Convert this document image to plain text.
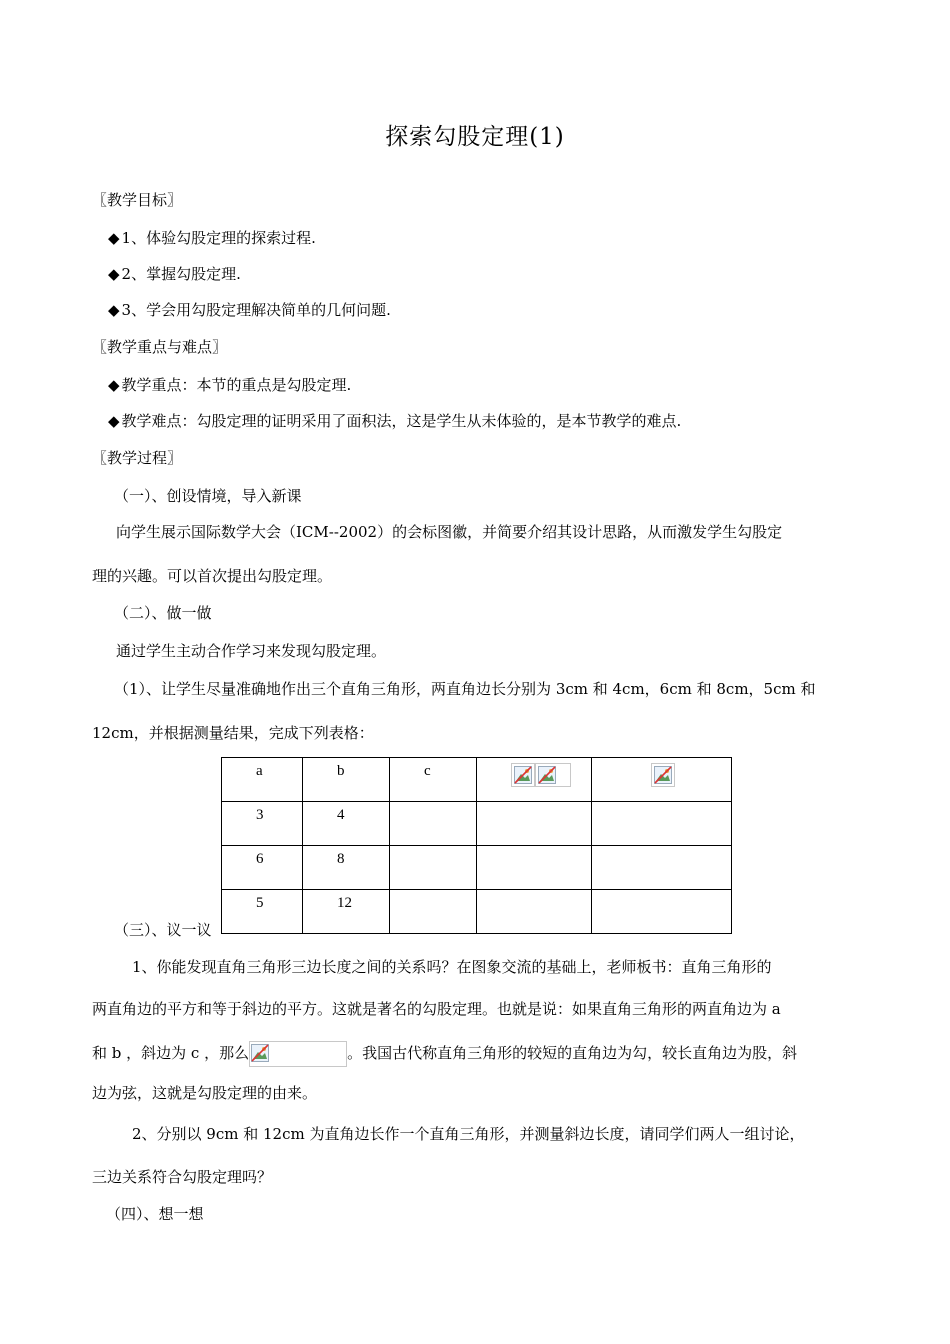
探索勾股定理(1)
〖教学目标〗
◆ 1、体验勾股定理的探索过程.
◆ 2、掌握勾股定理.
◆ 3、学会用勾股定理解决简单的几何问题.
〖教学重点与难点〗
◆ 教学重点：本节的重点是勾股定理.
◆ 教学难点：勾股定理的证明采用了面积法，这是学生从未体验的，是本节教学的难点.
〖教学过程〗
（一）、创设情境，导入新课
向学生展示国际数学大会（ICM--2002）的会标图徽，并简要介绍其设计思路，从而激发学生勾股定
理的兴趣。可以首次提出勾股定理。
（二）、做一做
通过学生主动合作学习来发现勾股定理。
（1）、让学生尽量准确地作出三个直角三角形，两直角边长分别为 3cm 和 4cm，6cm 和 8cm，5cm 和
12cm，并根据测量结果，完成下列表格：
a	b	c	

3	4			
6	8			
5	12			
（三）、议一议
1、你能发现直角三角形三边长度之间的关系吗？在图象交流的基础上，老师板书：直角三角形的
两直角边的平方和等于斜边的平方。这就是著名的勾股定理。也就是说：如果直角三角形的两直角边为 a
和 b ，斜边为 c ，那么	。我国古代称直角三角形的较短的直角边为勾，较长直角边为股，斜
边为弦，这就是勾股定理的由来。
2、分别以 9cm 和 12cm 为直角边长作一个直角三角形，并测量斜边长度，请同学们两人一组讨论，
三边关系符合勾股定理吗？
（四）、想一想
